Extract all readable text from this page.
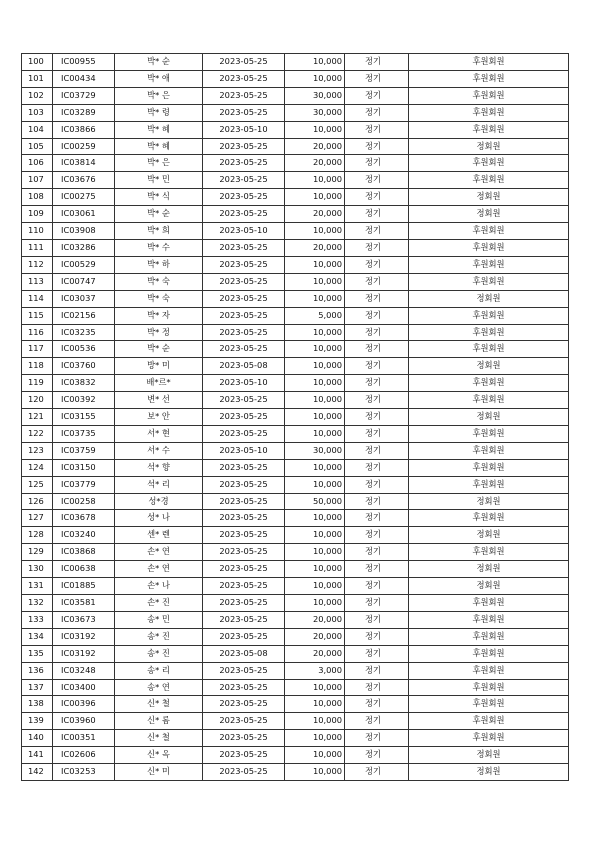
100	IC00955	박* 순	2023-05-25	10,000	정기	후원회원
101	IC00434	박* 애	2023-05-25	10,000	정기	후원회원
102	IC03729	박* 은	2023-05-25	30,000	정기	후원회원
103	IC03289	박* 령	2023-05-25	30,000	정기	후원회원
104	IC03866	박* 혜	2023-05-10	10,000	정기	후원회원
105	IC00259	박* 혜	2023-05-25	20,000	정기	정회원
106	IC03814	박* 은	2023-05-25	20,000	정기	후원회원
107	IC03676	박* 민	2023-05-25	10,000	정기	후원회원
108	IC00275	박* 식	2023-05-25	10,000	정기	정회원
109	IC03061	박* 순	2023-05-25	20,000	정기	정회원
110	IC03908	박* 희	2023-05-10	10,000	정기	후원회원
111	IC03286	박* 수	2023-05-25	20,000	정기	후원회원
112	IC00529	박* 하	2023-05-25	10,000	정기	후원회원
113	IC00747	박* 숙	2023-05-25	10,000	정기	후원회원
114	IC03037	박* 숙	2023-05-25	10,000	정기	정회원
115	IC02156	박* 자	2023-05-25	5,000	정기	후원회원
116	IC03235	박* 정	2023-05-25	10,000	정기	후원회원
117	IC00536	박* 순	2023-05-25	10,000	정기	후원회원
118	IC03760	방* 미	2023-05-08	10,000	정기	정회원
119	IC03832	배*르*	2023-05-10	10,000	정기	후원회원
120	IC00392	변* 선	2023-05-25	10,000	정기	후원회원
121	IC03155	보* 안	2023-05-25	10,000	정기	정회원
122	IC03735	서* 현	2023-05-25	10,000	정기	후원회원
123	IC03759	서* 수	2023-05-10	30,000	정기	후원회원
124	IC03150	석* 향	2023-05-25	10,000	정기	후원회원
125	IC03779	석* 리	2023-05-25	10,000	정기	후원회원
126	IC00258	성*경	2023-05-25	50,000	정기	정회원
127	IC03678	성* 나	2023-05-25	10,000	정기	후원회원
128	IC03240	센* 렌	2023-05-25	10,000	정기	정회원
129	IC03868	손* 연	2023-05-25	10,000	정기	후원회원
130	IC00638	손* 연	2023-05-25	10,000	정기	정회원
131	IC01885	손* 나	2023-05-25	10,000	정기	정회원
132	IC03581	손* 진	2023-05-25	10,000	정기	후원회원
133	IC03673	송* 민	2023-05-25	20,000	정기	후원회원
134	IC03192	송* 진	2023-05-25	20,000	정기	후원회원
135	IC03192	송* 진	2023-05-08	20,000	정기	후원회원
136	IC03248	송* 리	2023-05-25	3,000	정기	후원회원
137	IC03400	송* 연	2023-05-25	10,000	정기	후원회원
138	IC00396	신* 철	2023-05-25	10,000	정기	후원회원
139	IC03960	신* 롬	2023-05-25	10,000	정기	후원회원
140	IC00351	신* 철	2023-05-25	10,000	정기	후원회원
141	IC02606	신* 옥	2023-05-25	10,000	정기	정회원
142	IC03253	신* 미	2023-05-25	10,000	정기	정회원
